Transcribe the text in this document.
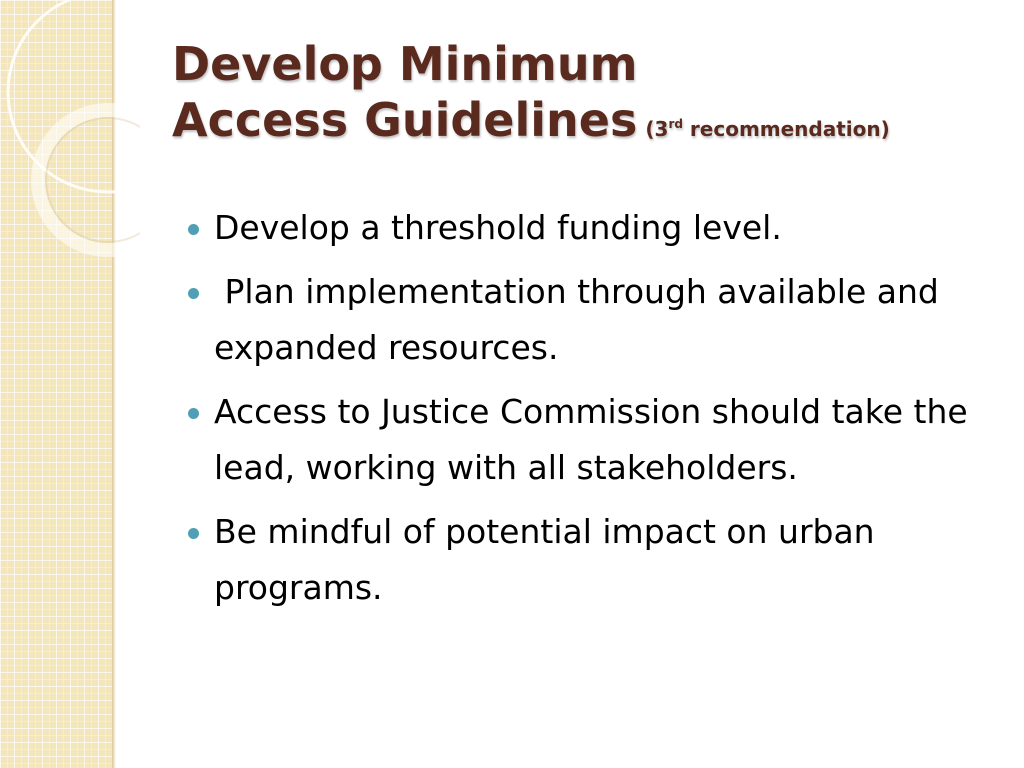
Develop Minimum
Access Guidelines (3rd recommendation)
Develop a threshold funding level.
Plan implementation through available and expanded resources.
Access to Justice Commission should take the lead, working with all stakeholders.
Be mindful of potential impact on urban programs.
